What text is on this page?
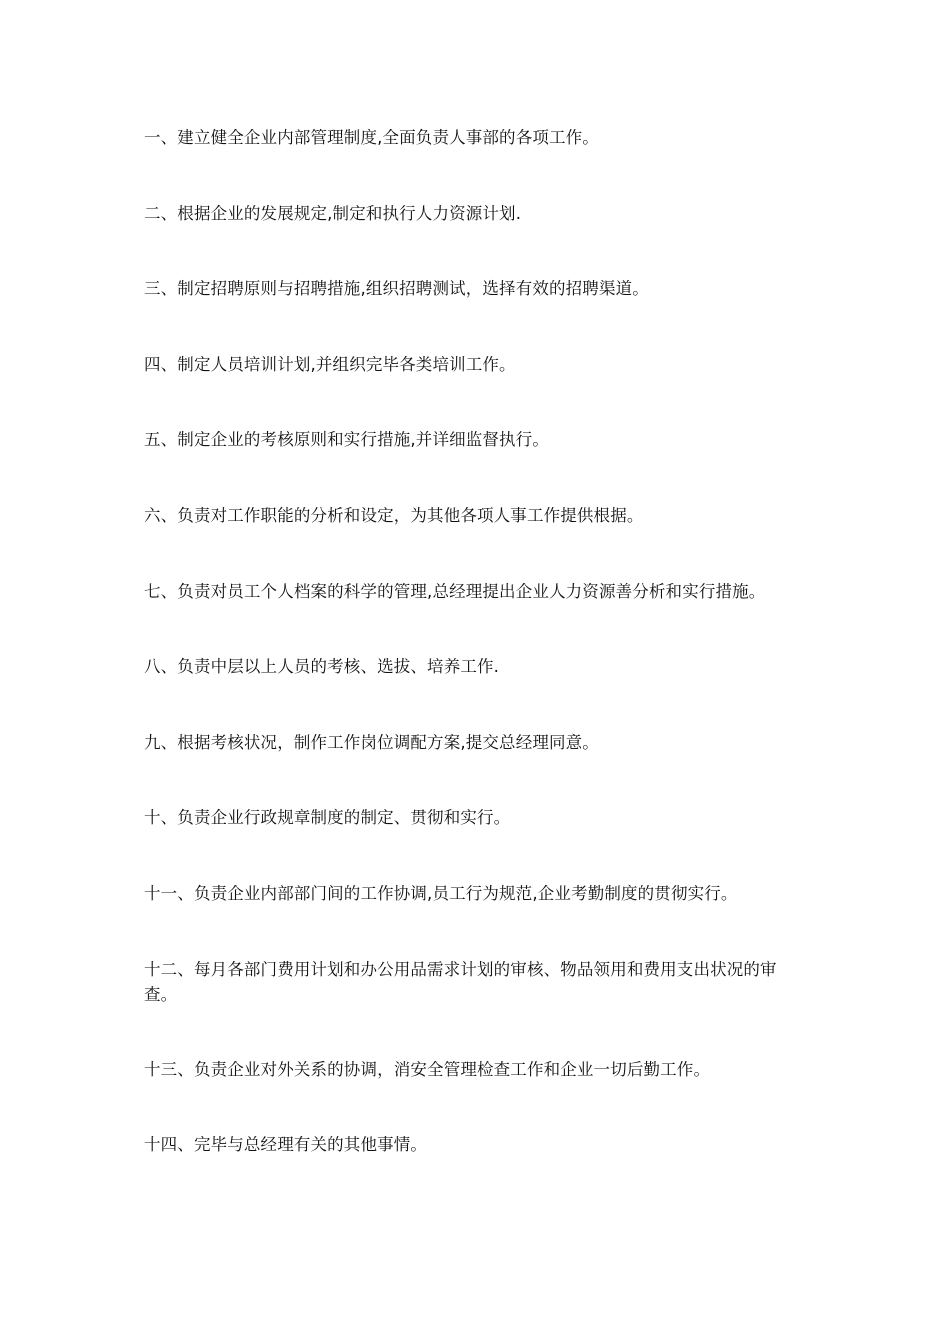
一、建立健全企业内部管理制度,全面负责人事部的各项工作。
二、根据企业的发展规定,制定和执行人力资源计划.
三、制定招聘原则与招聘措施,组织招聘测试，选择有效的招聘渠道。
四、制定人员培训计划,并组织完毕各类培训工作。
五、制定企业的考核原则和实行措施,并详细监督执行。
六、负责对工作职能的分析和设定，为其他各项人事工作提供根据。
七、负责对员工个人档案的科学的管理,总经理提出企业人力资源善分析和实行措施。
八、负责中层以上人员的考核、选拔、培养工作.
九、根据考核状况，制作工作岗位调配方案,提交总经理同意。
十、负责企业行政规章制度的制定、贯彻和实行。
十一、负责企业内部部门间的工作协调,员工行为规范,企业考勤制度的贯彻实行。
十二、每月各部门费用计划和办公用品需求计划的审核、物品领用和费用支出状况的审查。
十三、负责企业对外关系的协调，消安全管理检查工作和企业一切后勤工作。
十四、完毕与总经理有关的其他事情。
